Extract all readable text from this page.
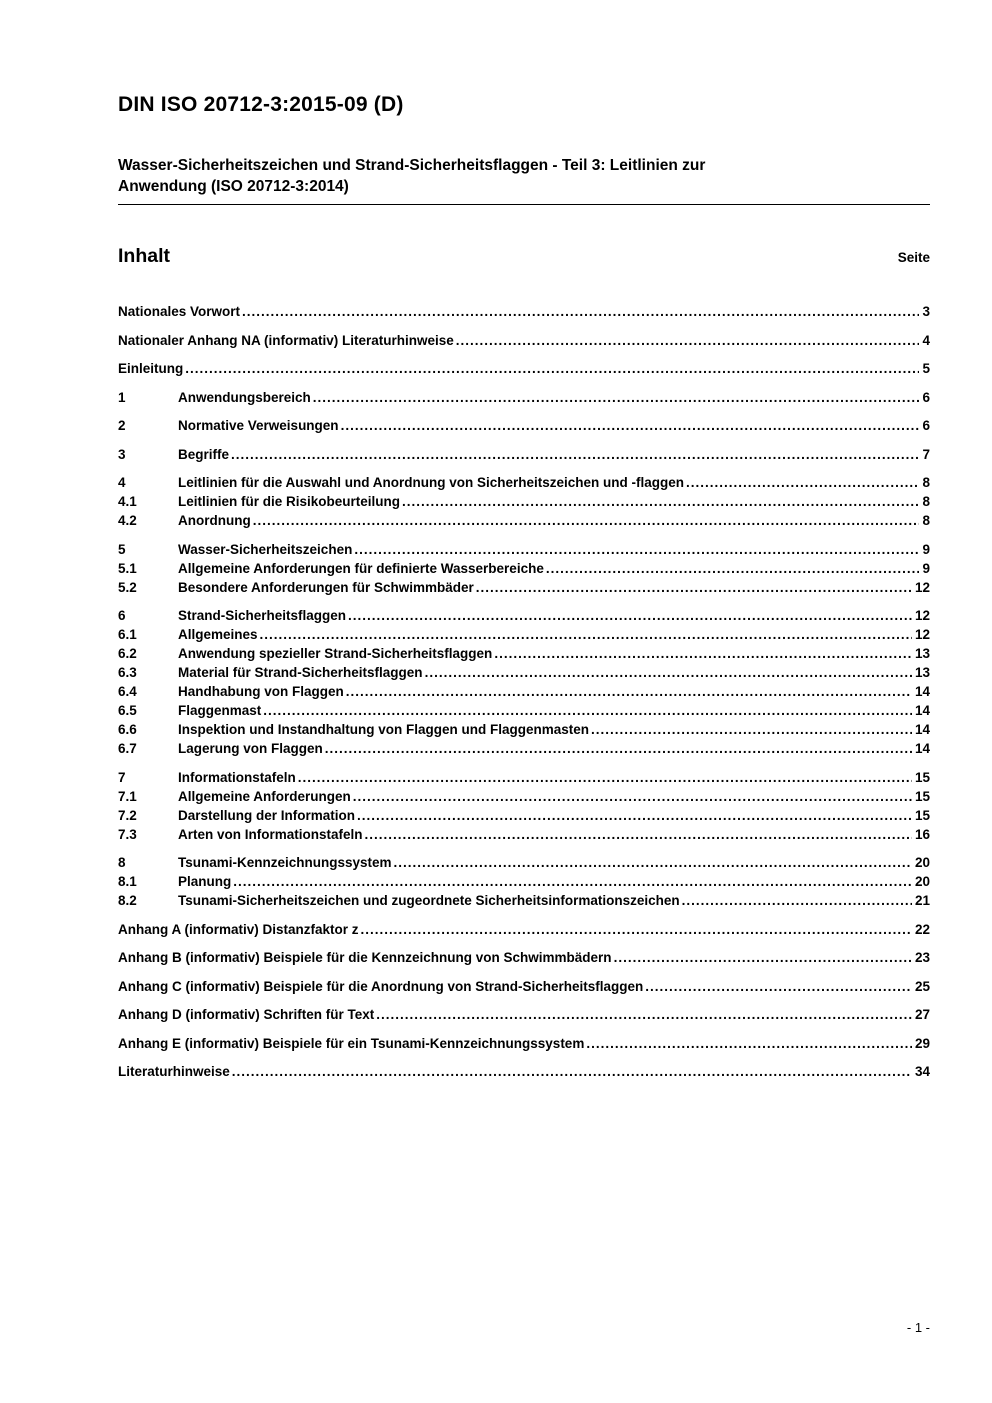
DIN ISO 20712-3:2015-09 (D)
Wasser-Sicherheitszeichen und Strand-Sicherheitsflaggen - Teil 3: Leitlinien zur
Anwendung (ISO 20712-3:2014)
Inhalt	Seite
Nationales Vorwort .....	3
Nationaler Anhang NA (informativ) Literaturhinweise .....	4
Einleitung .....	5
1	Anwendungsbereich .....	6
2	Normative Verweisungen .....	6
3	Begriffe .....	7
4	Leitlinien für die Auswahl und Anordnung von Sicherheitszeichen und -flaggen .....	8
4.1	Leitlinien für die Risikobeurteilung .....	8
4.2	Anordnung .....	8
5	Wasser-Sicherheitszeichen .....	9
5.1	Allgemeine Anforderungen für definierte Wasserbereiche .....	9
5.2	Besondere Anforderungen für Schwimmbäder .....	12
6	Strand-Sicherheitsflaggen .....	12
6.1	Allgemeines .....	12
6.2	Anwendung spezieller Strand-Sicherheitsflaggen .....	13
6.3	Material für Strand-Sicherheitsflaggen .....	13
6.4	Handhabung von Flaggen .....	14
6.5	Flaggenmast .....	14
6.6	Inspektion und Instandhaltung von Flaggen und Flaggenmasten .....	14
6.7	Lagerung von Flaggen .....	14
7	Informationstafeln .....	15
7.1	Allgemeine Anforderungen .....	15
7.2	Darstellung der Information .....	15
7.3	Arten von Informationstafeln .....	16
8	Tsunami-Kennzeichnungssystem .....	20
8.1	Planung .....	20
8.2	Tsunami-Sicherheitszeichen und zugeordnete Sicherheitsinformationszeichen .....	21
Anhang A (informativ) Distanzfaktor z .....	22
Anhang B (informativ) Beispiele für die Kennzeichnung von Schwimmbädern .....	23
Anhang C (informativ) Beispiele für die Anordnung von Strand-Sicherheitsflaggen .....	25
Anhang D (informativ) Schriften für Text .....	27
Anhang E (informativ) Beispiele für ein Tsunami-Kennzeichnungssystem .....	29
Literaturhinweise .....	34
- 1 -
